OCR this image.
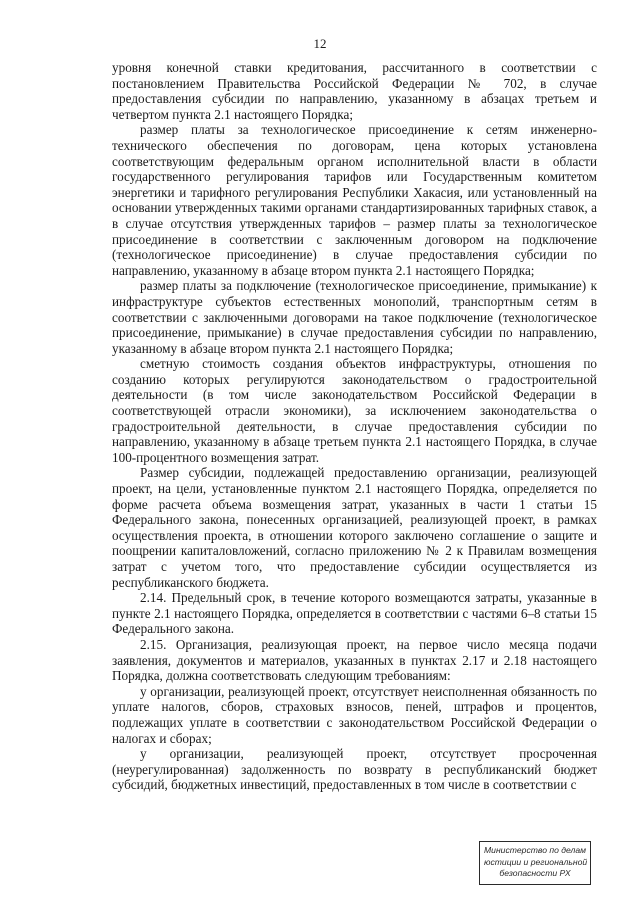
12

уровня конечной ставки кредитования, рассчитанного в соответствии с постановлением Правительства Российской Федерации № 702, в случае предоставления субсидии по направлению, указанному в абзацах третьем и четвертом пункта 2.1 настоящего Порядка;

размер платы за технологическое присоединение к сетям инженерно-технического обеспечения по договорам, цена которых установлена соответствующим федеральным органом исполнительной власти в области государственного регулирования тарифов или Государственным комитетом энергетики и тарифного регулирования Республики Хакасия, или установленный на основании утвержденных такими органами стандартизированных тарифных ставок, а в случае отсутствия утвержденных тарифов – размер платы за технологическое присоединение в соответствии с заключенным договором на подключение (технологическое присоединение) в случае предоставления субсидии по направлению, указанному в абзаце втором пункта 2.1 настоящего Порядка;

размер платы за подключение (технологическое присоединение, примыкание) к инфраструктуре субъектов естественных монополий, транспортным сетям в соответствии с заключенными договорами на такое подключение (технологическое присоединение, примыкание) в случае предоставления субсидии по направлению, указанному в абзаце втором пункта 2.1 настоящего Порядка;

сметную стоимость создания объектов инфраструктуры, отношения по созданию которых регулируются законодательством о градостроительной деятельности (в том числе законодательством Российской Федерации в соответствующей отрасли экономики), за исключением законодательства о градостроительной деятельности, в случае предоставления субсидии по направлению, указанному в абзаце третьем пункта 2.1 настоящего Порядка, в случае 100-процентного возмещения затрат.

Размер субсидии, подлежащей предоставлению организации, реализующей проект, на цели, установленные пунктом 2.1 настоящего Порядка, определяется по форме расчета объема возмещения затрат, указанных в части 1 статьи 15 Федерального закона, понесенных организацией, реализующей проект, в рамках осуществления проекта, в отношении которого заключено соглашение о защите и поощрении капиталовложений, согласно приложению № 2 к Правилам возмещения затрат с учетом того, что предоставление субсидии осуществляется из республиканского бюджета.

2.14. Предельный срок, в течение которого возмещаются затраты, указанные в пункте 2.1 настоящего Порядка, определяется в соответствии с частями 6–8 статьи 15 Федерального закона.

2.15. Организация, реализующая проект, на первое число месяца подачи заявления, документов и материалов, указанных в пунктах 2.17 и 2.18 настоящего Порядка, должна соответствовать следующим требованиям:

у организации, реализующей проект, отсутствует неисполненная обязанность по уплате налогов, сборов, страховых взносов, пеней, штрафов и процентов, подлежащих уплате в соответствии с законодательством Российской Федерации о налогах и сборах;

у организации, реализующей проект, отсутствует просроченная (неурегулированная) задолженность по возврату в республиканский бюджет субсидий, бюджетных инвестиций, предоставленных в том числе в соответствии с

Министерство по делам
юстиции и региональной
безопасности РХ
